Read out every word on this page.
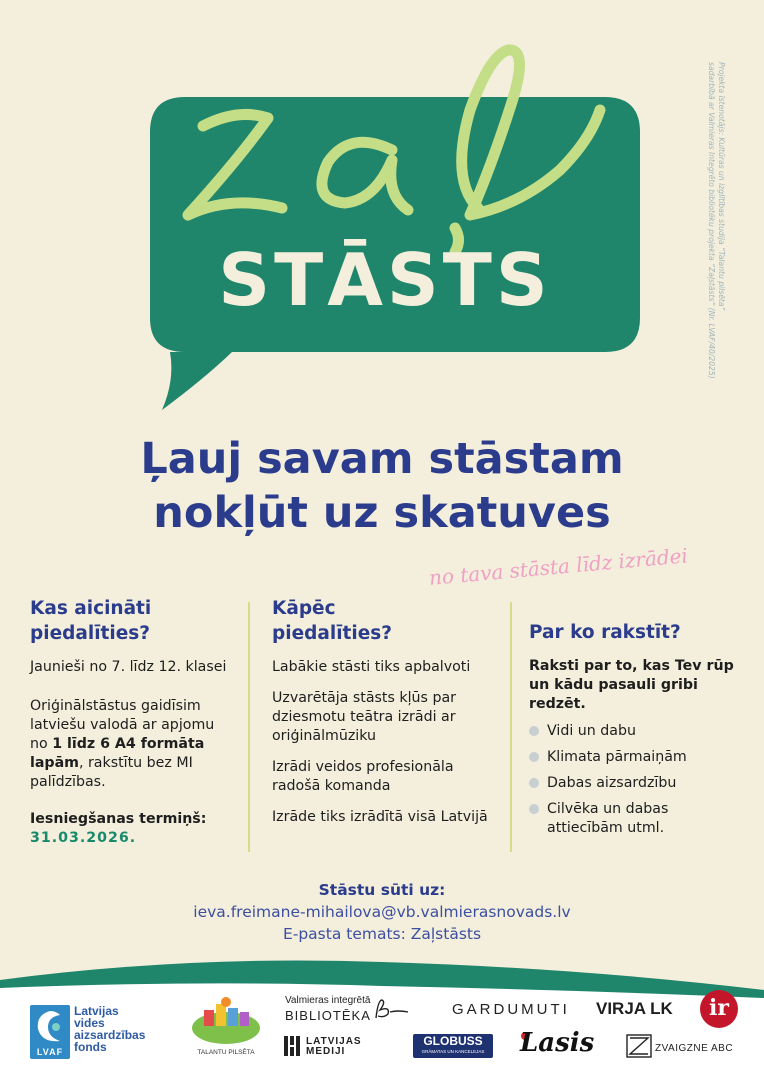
STĀSTS	Projekta īstenotājs: Kultūras un izglītības studija “Talantu pilsēta”
sadarbībā ar Valmieras Integrēto bibliotēku projekta “Zaļstāsts” (Nr. LVAF/40/2025)
Ļauj savam stāstam
nokļūt uz skatuves
no tava stāsta līdz izrādei
Kas aicināti
piedalīties?

Jaunieši no 7. līdz 12. klasei

Oriģinālstāstus gaidīsim latviešu valodā ar apjomu no 1 līdz 6 A4 formāta lapām, rakstītu bez MI palīdzības.

Iesniegšanas termiņš:

31.03.2026.

Kāpēc
piedalīties?

Labākie stāsti tiks apbalvoti

Uzvarētāja stāsts kļūs par dziesmotu teātra izrādi ar oriģinālmūziku

Izrādi veidos profesionāla radošā komanda

Izrāde tiks izrādītā visā Latvijā

Par ko rakstīt?

Raksti par to, kas Tev rūp un kādu pasauli gribi redzēt.

Vidi un dabu
Klimata pārmaiņām
Dabas aizsardzību
Cilvēka un dabas attiecībām utml.
Stāstu sūti uz:
ieva.freimane-mihailova@vb.valmierasnovads.lv
E-pasta temats: Zaļstāsts
LVAF
Latvijas
vides
aizsardzības
fonds	TALANTU PILSĒTA
Valmieras integrētā
BIBLIOTĒKA	GARDUMUTI VIRJA LK	ir
LATVIJAS
MEDIJI
GLOBUSS
GRĀMATAS UN KANCELEJAS	Lasis	ZVAIGZNE ABC
